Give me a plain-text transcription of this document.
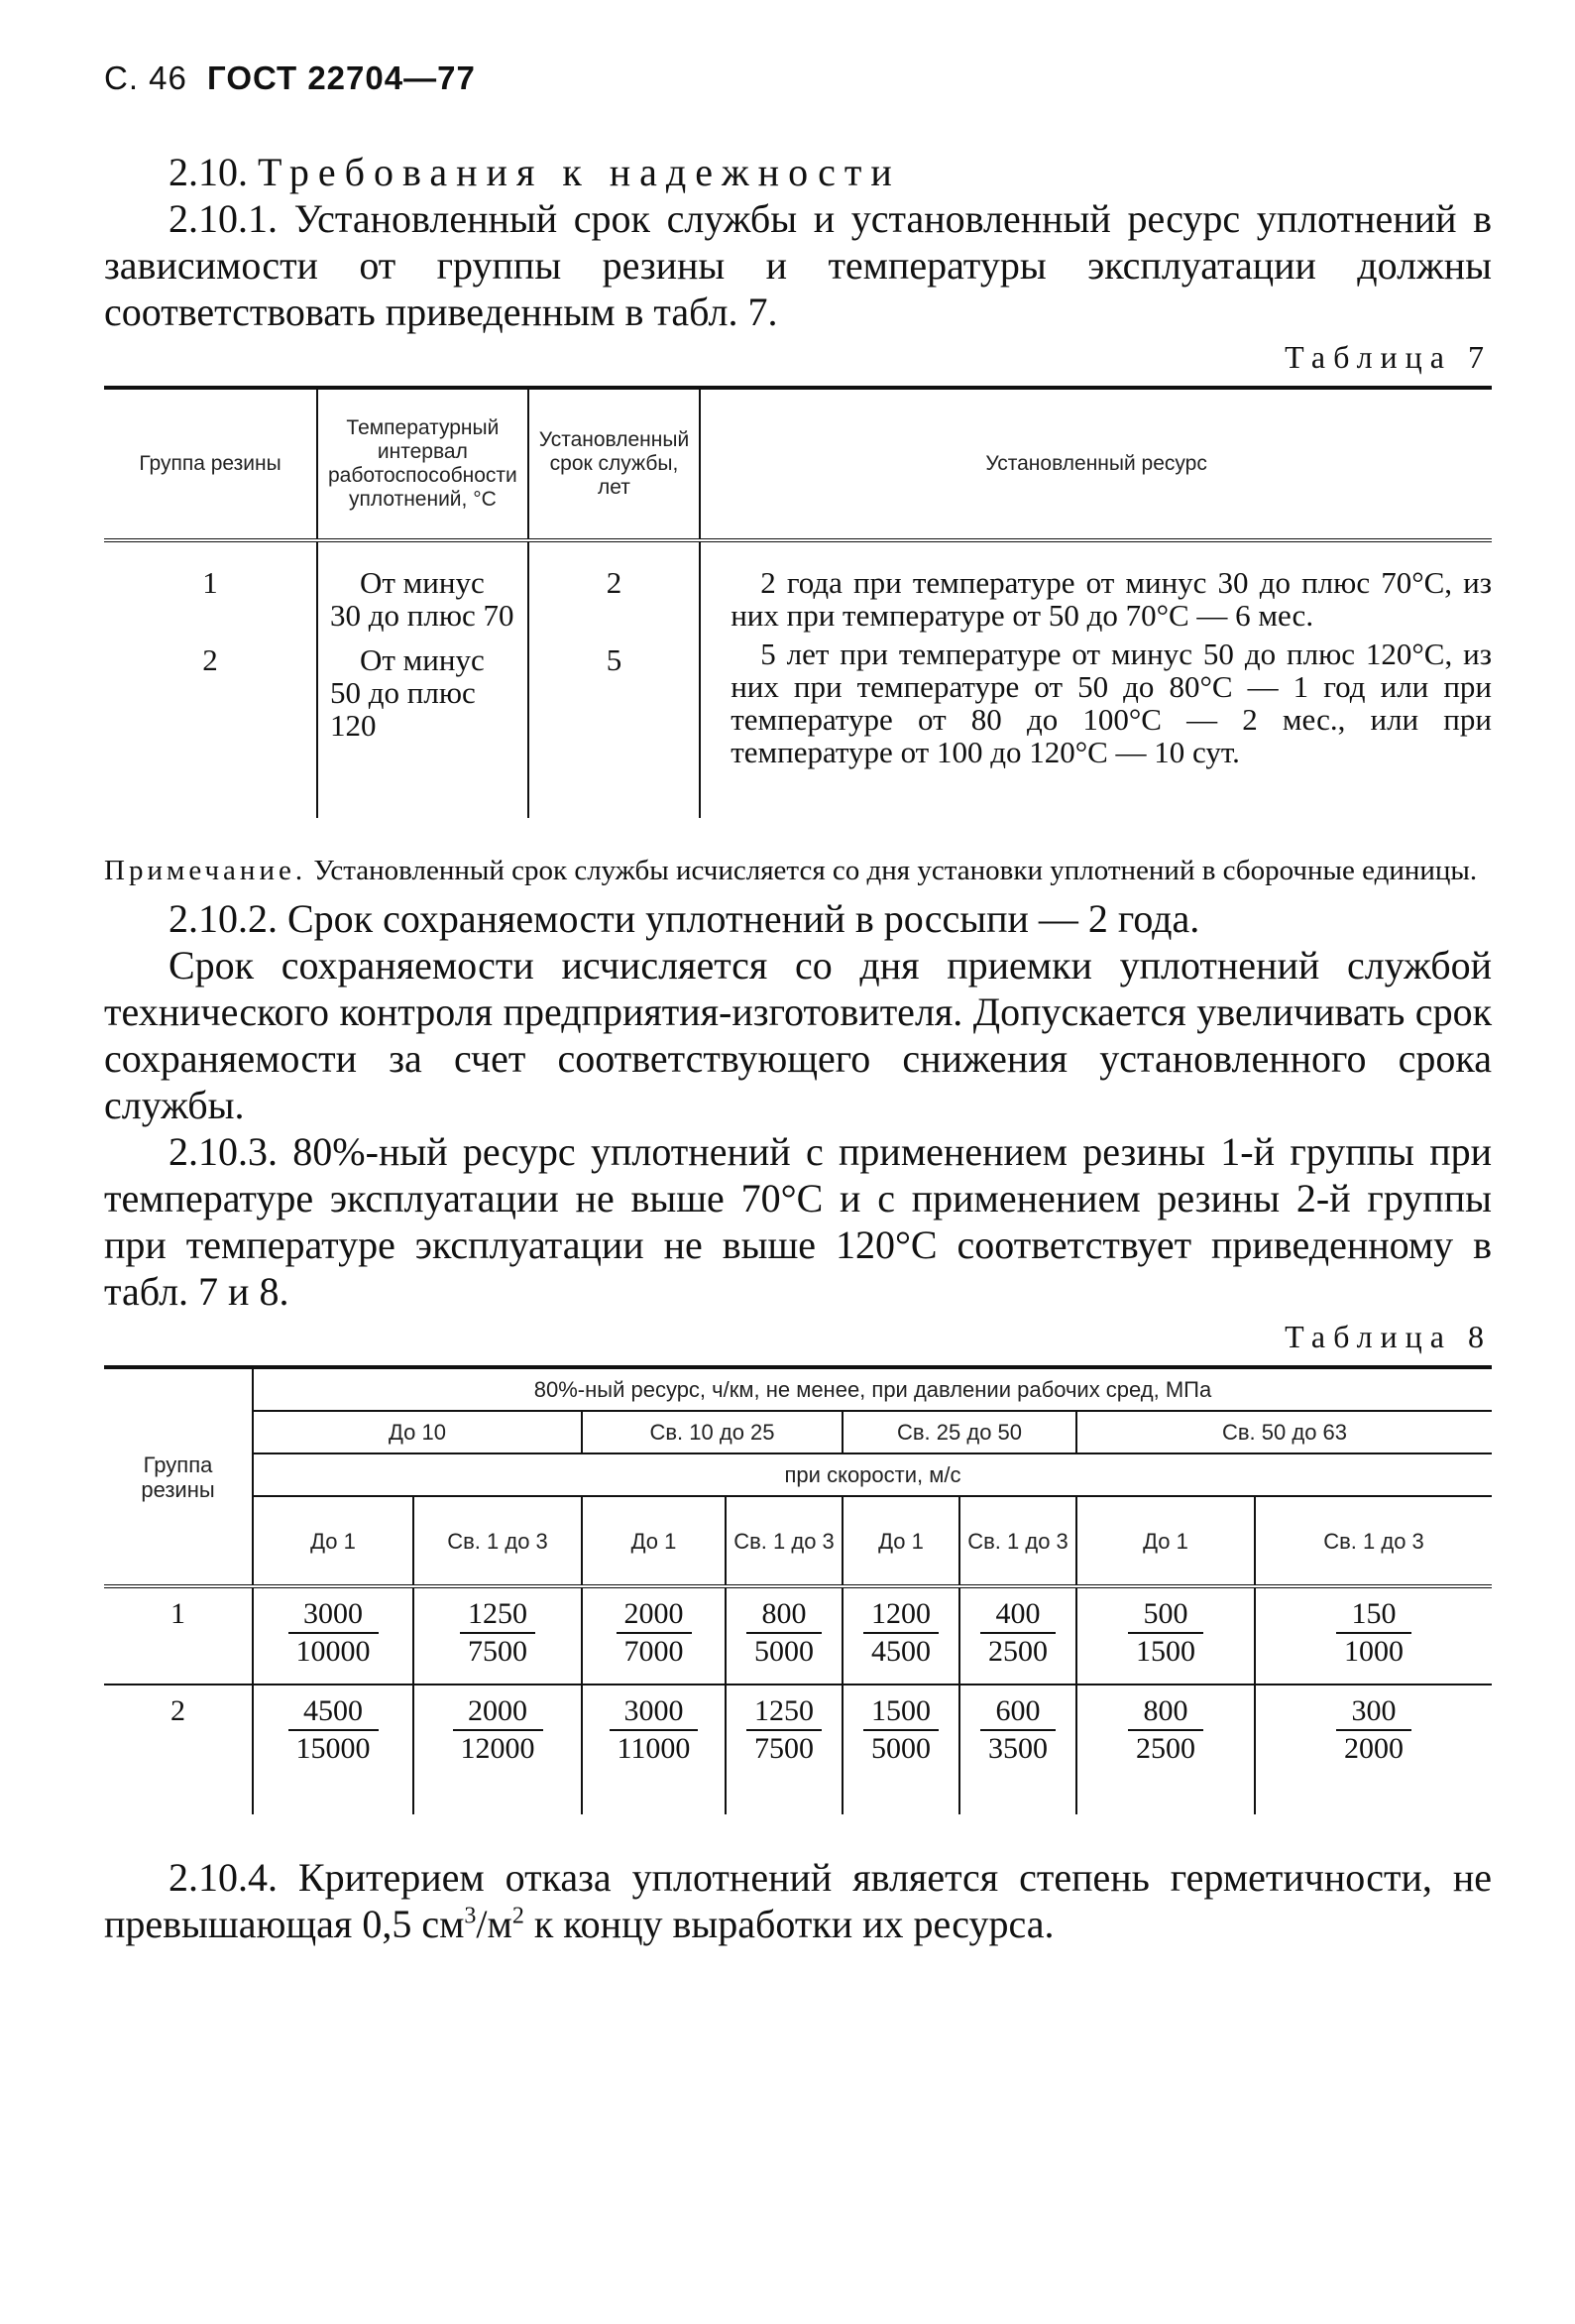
С. 46 ГОСТ 22704—77
2.10. Требования к надежности

2.10.1. Установленный срок службы и установленный ресурс уплотнений в зависимости от группы резины и температуры эксплуатации должны соответствовать приведенным в табл. 7.

Таблица 7
Группа резины	Температурный интервал работоспособности уплотнений, °С	Установленный срок службы, лет	Установленный ресурс
1	От минус 30 до плюс 70	2	2 года при температуре от минус 30 до плюс 70°С, из них при температуре от 50 до 70°С — 6 мес.
2	От минус 50 до плюс 120	5	5 лет при температуре от минус 50 до плюс 120°С, из них при температуре от 50 до 80°С — 1 год или при температуре от 80 до 100°С — 2 мес., или при температуре от 100 до 120°С — 10 сут.

Примечание. Установленный срок службы исчисляется со дня установки уплотнений в сборочные единицы.

2.10.2. Срок сохраняемости уплотнений в россыпи — 2 года.

Срок сохраняемости исчисляется со дня приемки уплотнений службой технического контроля предприятия-изготовителя. Допускается увеличивать срок сохраняемости за счет соответствующего снижения установленного срока службы.

2.10.3. 80%-ный ресурс уплотнений с применением резины 1-й группы при температуре эксплуатации не выше 70°С и с применением резины 2-й группы при температуре эксплуатации не выше 120°С соответствует приведенному в табл. 7 и 8.

Таблица 8
Группа резины	80%-ный ресурс, ч/км, не менее, при давлении рабочих сред, МПа							
	До 10		Св. 10 до 25		Св. 25 до 50		Св. 50 до 63	
	при скорости, м/с							
	До 1	Св. 1 до 3	До 1	Св. 1 до 3	До 1	Св. 1 до 3	До 1	Св. 1 до 3
1	$\frac{3000}{10000}$	$\frac{1250}{7500}$	$\frac{2000}{7000}$	$\frac{800}{5000}$	$\frac{1200}{4500}$	$\frac{400}{2500}$	$\frac{500}{1500}$	$\frac{150}{1000}$

2	$\frac{4500}{15000}$	$\frac{2000}{12000}$	$\frac{3000}{11000}$	$\frac{1250}{7500}$	$\frac{1500}{5000}$	$\frac{600}{3500}$	$\frac{800}{2500}$	$\frac{300}{2000}$

2.10.4. Критерием отказа уплотнений является степень герметичности, не превышающая 0,5 $см^3/м^2$ к концу выработки их ресурса.
